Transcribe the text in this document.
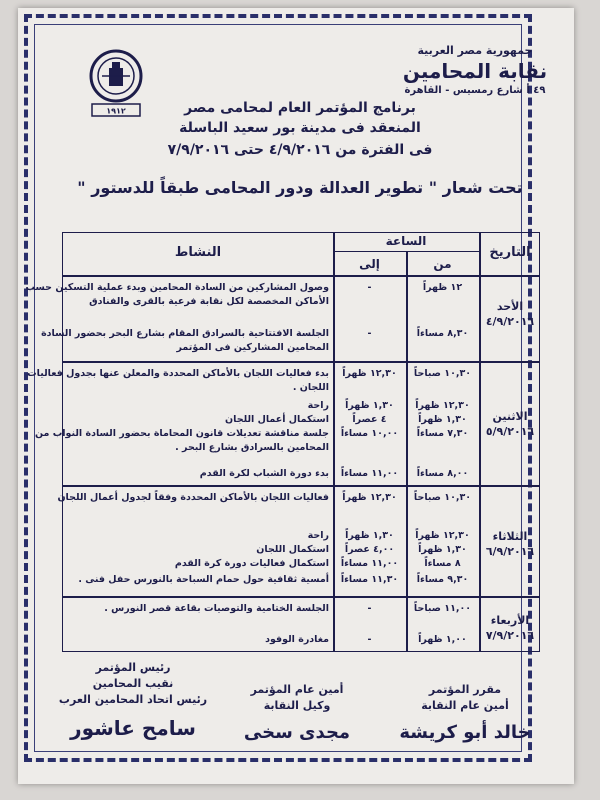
جمهورية مصر العربية
نقابة المحامين
٤٩ أ شارع رمسيس - القاهرة
١٩١٢	برنامج المؤتمر العام لمحامى مصر
المنعقد فى مدينة بور سعيد الباسلة
فى الفترة من ٤/٩/٢٠١٦ حتى ٧/٩/٢٠١٦
تحت شعار " تطوير العدالة ودور المحامى طبقاً للدستور "
التاريخ
الساعة
من
إلى
النشاط
الأحد
٤/٩/٢٠١٦
١٢ ظهراً
-
وصول المشاركين من السادة المحامين وبدء عملية التسكين حسب
الأماكن المخصصة لكل نقابة فرعية بالقرى والفنادق
٨,٣٠ مساءاً
-
الجلسة الافتتاحية بالسرادق المقام بشارع البحر بحضور السادة
المحامين المشاركين فى المؤتمر
الاثنين
٥/٩/٢٠١٦
١٠,٣٠ صباحاً
١٢,٣٠ ظهراً
بدء فعاليات اللجان بالأماكن المحددة والمعلن عنها بجدول فعاليات
اللجان .
١٢,٣٠ ظهراً
١,٣٠ ظهراً
راحة
١,٣٠ ظهراً
٤ عصراً
استكمال أعمال اللجان
٧,٣٠ مساءاً
١٠,٠٠ مساءاً
جلسة مناقشة تعديلات قانون المحاماة بحضور السادة النواب من
المحامين بالسرادق بشارع البحر .
٨,٠٠ مساءاً
١١,٠٠ مساءاً
بدء دورة الشباب لكرة القدم
الثلاثاء
٦/٩/٢٠١٦
١٠,٣٠ صباحاً
١٢,٣٠ ظهراً
فعاليات اللجان بالأماكن المحددة وفقاً لجدول أعمال اللجان
١٢,٣٠ ظهراً
١,٣٠ ظهراً
راحة
١,٣٠ ظهراً
٤,٠٠ عصراً
استكمال اللجان
٨ مساءاً
١١,٠٠ مساءاً
استكمال فعاليات دورة كرة القدم
٩,٣٠ مساءاً
١١,٣٠ مساءاً
أمسية ثقافية حول حمام السباحة بالنورس حفل فنى .
الأربعاء
٧/٩/٢٠١٦
١١,٠٠ صباحاً
-
الجلسة الختامية والتوصيات بقاعة قصر النورس .
١,٠٠ ظهراً
-
مغادرة الوفود
مقرر المؤتمر
أمين عام النقابة
خالد أبو كريشة
أمين عام المؤتمر
وكيل النقابة
مجدى سخى
رئيس المؤتمر
نقيب المحامين
رئيس اتحاد المحامين العرب
سامح عاشور
